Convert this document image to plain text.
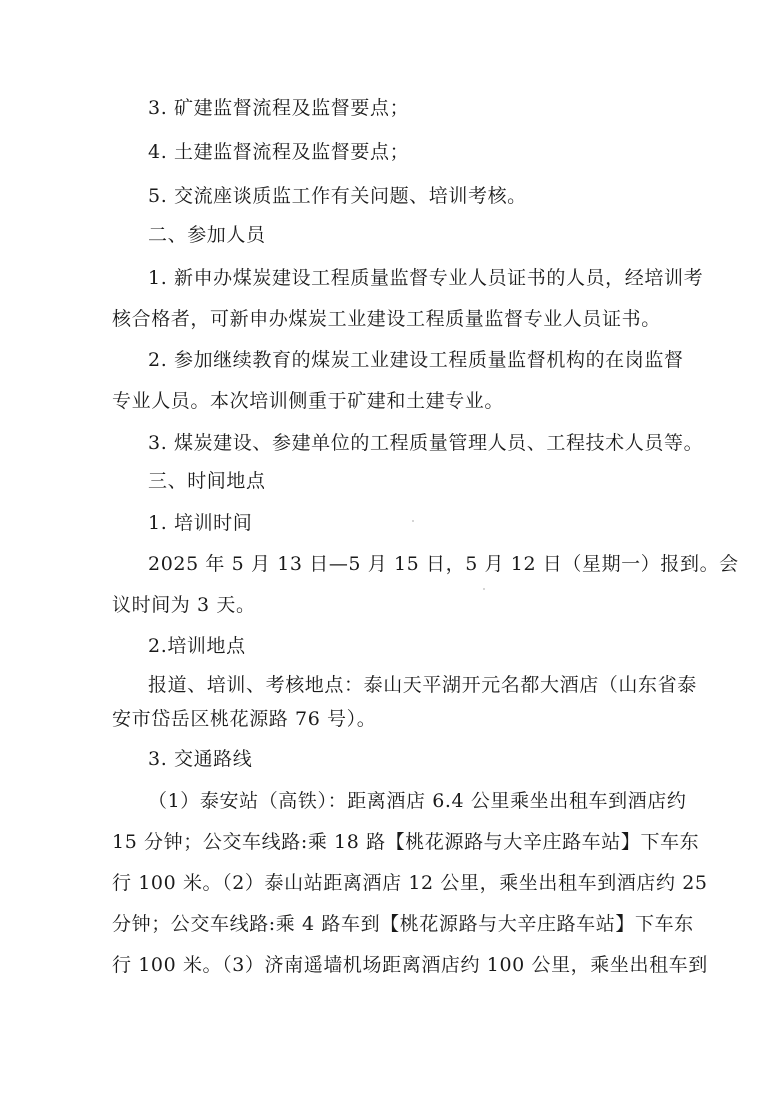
3. 矿建监督流程及监督要点；
4. 土建监督流程及监督要点；
5. 交流座谈质监工作有关问题、培训考核。
二、参加人员
1. 新申办煤炭建设工程质量监督专业人员证书的人员，经培训考
核合格者，可新申办煤炭工业建设工程质量监督专业人员证书。
2. 参加继续教育的煤炭工业建设工程质量监督机构的在岗监督
专业人员。本次培训侧重于矿建和土建专业。
3. 煤炭建设、参建单位的工程质量管理人员、工程技术人员等。
三、时间地点
1. 培训时间
2025 年 5 月 13 日—5 月 15 日，5 月 12 日（星期一）报到。会
议时间为 3 天。
2.培训地点
报道、培训、考核地点：泰山天平湖开元名都大酒店（山东省泰
安市岱岳区桃花源路 76 号）。
3. 交通路线
（1）泰安站（高铁）：距离酒店 6.4 公里乘坐出租车到酒店约
15 分钟；公交车线路:乘 18 路【桃花源路与大辛庄路车站】下车东
行 100 米。（2）泰山站距离酒店 12 公里，乘坐出租车到酒店约 25
分钟；公交车线路:乘 4 路车到【桃花源路与大辛庄路车站】下车东
行 100 米。（3）济南遥墙机场距离酒店约 100 公里，乘坐出租车到
